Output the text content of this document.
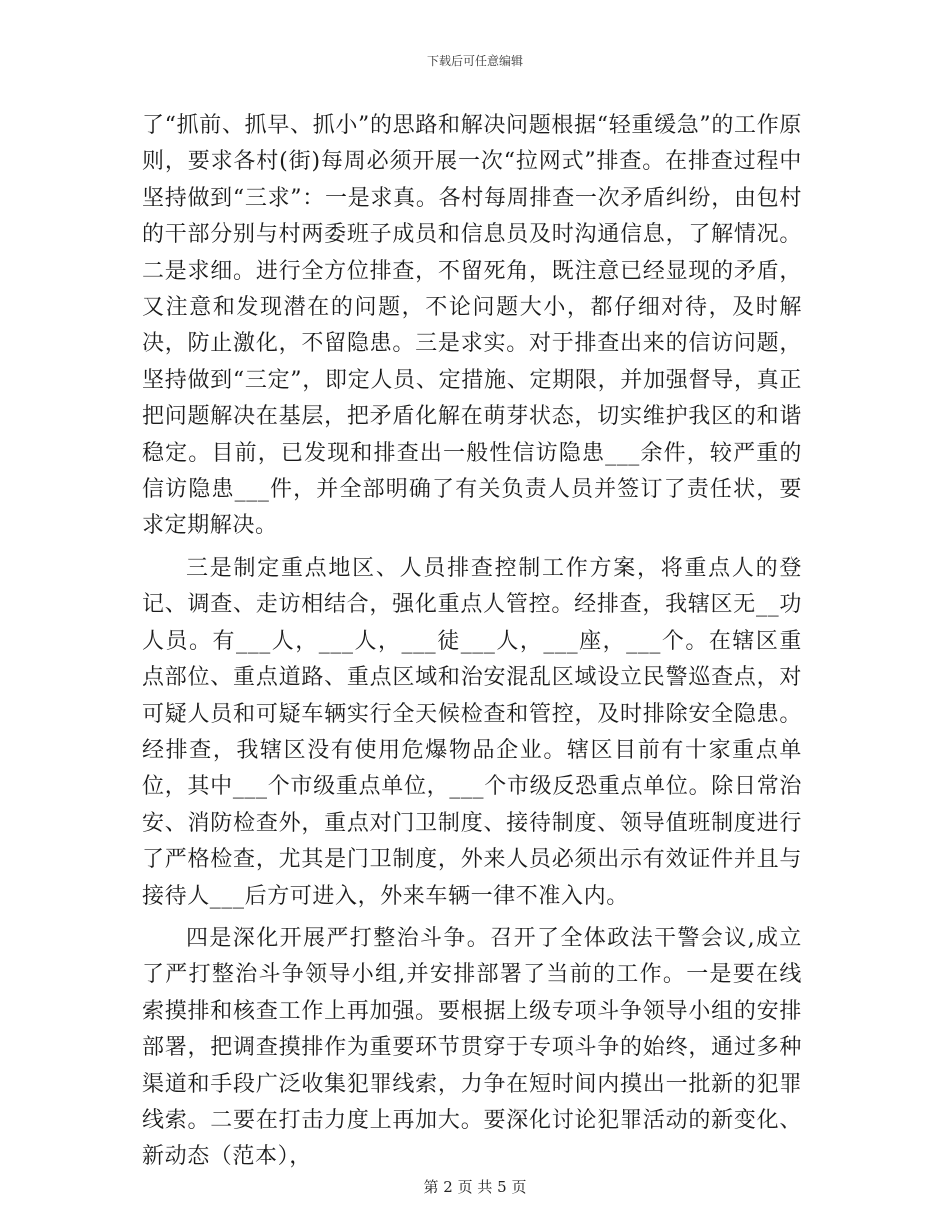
下载后可任意编辑

了“抓前、抓早、抓小”的思路和解决问题根据“轻重缓急”的工作原则，要求各村(街)每周必须开展一次“拉网式”排查。在排查过程中坚持做到“三求”：一是求真。各村每周排查一次矛盾纠纷，由包村的干部分别与村两委班子成员和信息员及时沟通信息，了解情况。二是求细。进行全方位排查，不留死角，既注意已经显现的矛盾，又注意和发现潜在的问题，不论问题大小，都仔细对待，及时解决，防止激化，不留隐患。三是求实。对于排查出来的信访问题，坚持做到“三定”，即定人员、定措施、定期限，并加强督导，真正把问题解决在基层，把矛盾化解在萌芽状态，切实维护我区的和谐稳定。目前，已发现和排查出一般性信访隐患___余件，较严重的信访隐患___件，并全部明确了有关负责人员并签订了责任状，要求定期解决。

三是制定重点地区、人员排查控制工作方案，将重点人的登记、调查、走访相结合，强化重点人管控。经排查，我辖区无__功人员。有___人，___人，___徒___人，___座，___个。在辖区重点部位、重点道路、重点区域和治安混乱区域设立民警巡查点，对可疑人员和可疑车辆实行全天候检查和管控，及时排除安全隐患。经排查，我辖区没有使用危爆物品企业。辖区目前有十家重点单位，其中___个市级重点单位，___个市级反恐重点单位。除日常治安、消防检查外，重点对门卫制度、接待制度、领导值班制度进行了严格检查，尤其是门卫制度，外来人员必须出示有效证件并且与接待人___后方可进入，外来车辆一律不准入内。

四是深化开展严打整治斗争。召开了全体政法干警会议,成立了严打整治斗争领导小组,并安排部署了当前的工作。一是要在线索摸排和核查工作上再加强。要根据上级专项斗争领导小组的安排部署，把调查摸排作为重要环节贯穿于专项斗争的始终，通过多种渠道和手段广泛收集犯罪线索，力争在短时间内摸出一批新的犯罪线索。二要在打击力度上再加大。要深化讨论犯罪活动的新变化、新动态（范本），

第 2 页 共 5 页
